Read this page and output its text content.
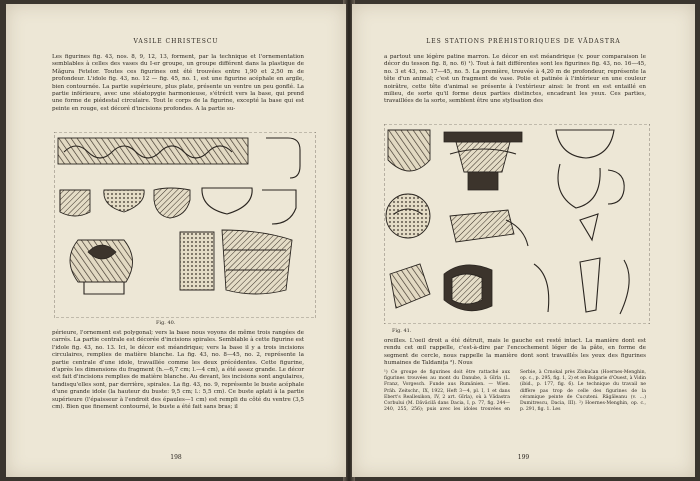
VASILE CHRISTESCU

Les figurines fig. 43, nos. 8, 9, 12, 13, forment, par la technique et l'ornementation semblables à celles des vases du I-er groupe, un groupe différent dans la plastique de Măgura Fetelor. Toutes ces figurines ont été trouvées entre 1,90 et 2,50 m de profondeur. L'idole fig. 43, no. 12 — fig. 45, no. 1, est une figurine acéphale en argile, bien contournée. La partie supérieure, plus plate, présente un ventre un peu gonflé. La partie inférieure, avec une stéatopygie harmonieuse, s'étrécit vers la base, qui prend une forme de piédestal circulaire. Tout le corps de la figurine, excepté la base qui est peinte en rouge, est décoré d'incisions profondes. A la partie su-

Fig. 40.

périeure, l'ornement est polygonal; vers la base nous voyons de même trois rangées de carrés. La partie centrale est décorée d'incisions spirales. Semblable à cette figurine est l'idole fig. 43, no. 13. Ici, le décor est méandrique; vers la base il y a trois incisions circulaires, remplies de matière blanche. La fig. 43, no. 8—45, no. 2, représente la partie centrale d'une idole, travaillée comme les deux précédentes. Cette figurine, d'après les dimensions du fragment (h.—6,7 cm; l.—4 cm), a été assez grande. Le décor est fait d'incisions remplies de matière blanche. Au devant, les incisions sont angulaires, tandisqu'elles sont, par derrière, spirales. La fig. 43, no. 9, représente le buste acéphale d'une grande idole (la hauteur du buste: 9,5 cm; l.: 5,5 cm). Ce buste aplati à la partie supérieure (l'épaisseur à l'endroit des épaules—1 cm) est rempli du côté du ventre (3,5 cm). Bien que finement contourné, le buste a été fait sans bras; il

198
LES STATIONS PRÉHISTORIQUES DE VĂDASTRA

a partout une légère patine marron. Le décor en est méandrique (v. pour comparaison le décor du tesson fig. 8, no. 6) ¹). Tout à fait différentes sont les figurines fig. 43, no. 16—45, no. 3 et 43, no. 17—45, no. 5. La première, trouvée à 4,20 m de profondeur, représente la tête d'un animal; c'est un fragment de vase. Polie et patinée à l'intérieur en une couleur noirâtre, cette tête d'animal se présente à l'extérieur ainsi: le front en est entaillé en milieu, de sorte qu'il forme deux parties distinctes, encadrant les yeux. Ces parties, travaillées de la sorte, semblent être une stylisation des

Fig. 41.

oreilles. L'oeil droit a été détruit, mais le gauche est resté intact. La manière dont est rendu cet œil rappelle, c'est-à-dire par l'encochement léger de la pâte, en forme de segment de cercle, nous rappelle la manière dont sont travaillés les yeux des figurines humaines de Taldanița ²). Nous

¹) Ce groupe de figurines doit être rattaché aux figurines trouvées au mont du Danube, à Gîrla (L. Franz, Vorgesch. Funde aus Rumänien. — Wien. Präh. Zeitschr., IX, 1922, Heft 3—4, pl. I, 1 et dans Ebert's Reallexikon, IV, 2 art. Gîrla), où à Vădastra Corbului (M. Dăvăcilă dans Dacia, I, p. 77, fig. 244—240, 255, 256); puis avec les idoles trouvées en Serbie, à Crnokal près Zlokućan (Hoernes-Menghin, op. c., p. 295, fig. 1, 2) et en Bulgarie d'Ouest, à Vidin (ibid., p. 177, fig. 6). Le technique du travail ne diffère pas trop de celle des figurines de la céramique peinte de Cucuteni. Răgăleanu (v. ...) Dumitrescu, Dacia, III). ²) Hoernes-Menghin, op. c., p. 291, fig. 1. Les

199
